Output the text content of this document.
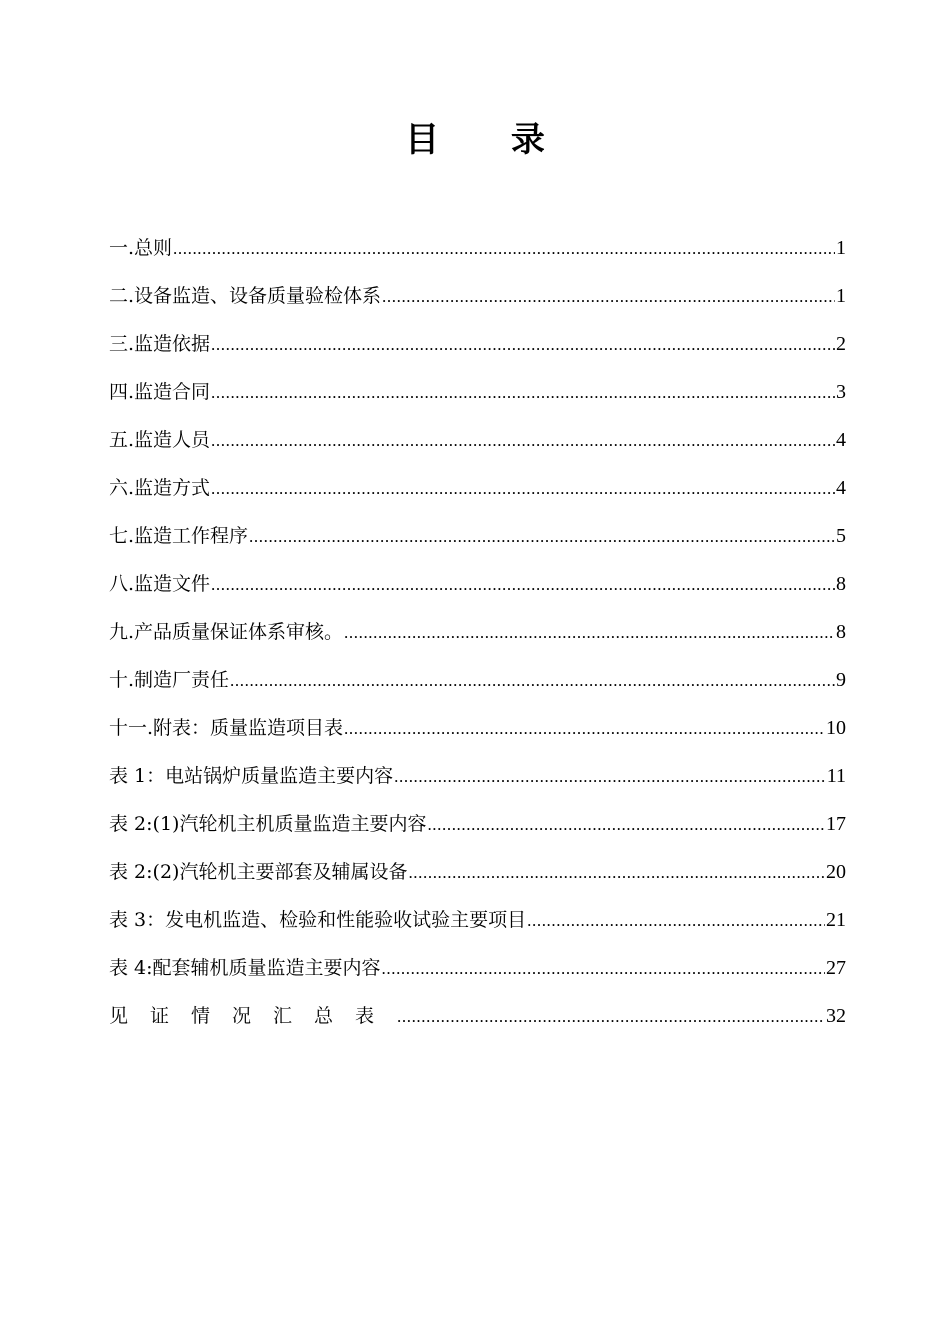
目 录
一.总则 .....	1
二.设备监造、设备质量验检体系 .....	1
三.监造依据 .....	2
四.监造合同 .....	3
五.监造人员 .....	4
六.监造方式 .....	4
七.监造工作程序 .....	5
八.监造文件 .....	8
九.产品质量保证体系审核。 .....	8
十.制造厂责任 .....	9
十一.附表：质量监造项目表 .....	10
表 1：电站锅炉质量监造主要内容 .....	11
表 2:(1)汽轮机主机质量监造主要内容 .....	17
表 2:(2)汽轮机主要部套及辅属设备 .....	20
表 3：发电机监造、检验和性能验收试验主要项目 .....	21
表 4:配套辅机质量监造主要内容 .....	27
见证情况汇总表 .....	32
